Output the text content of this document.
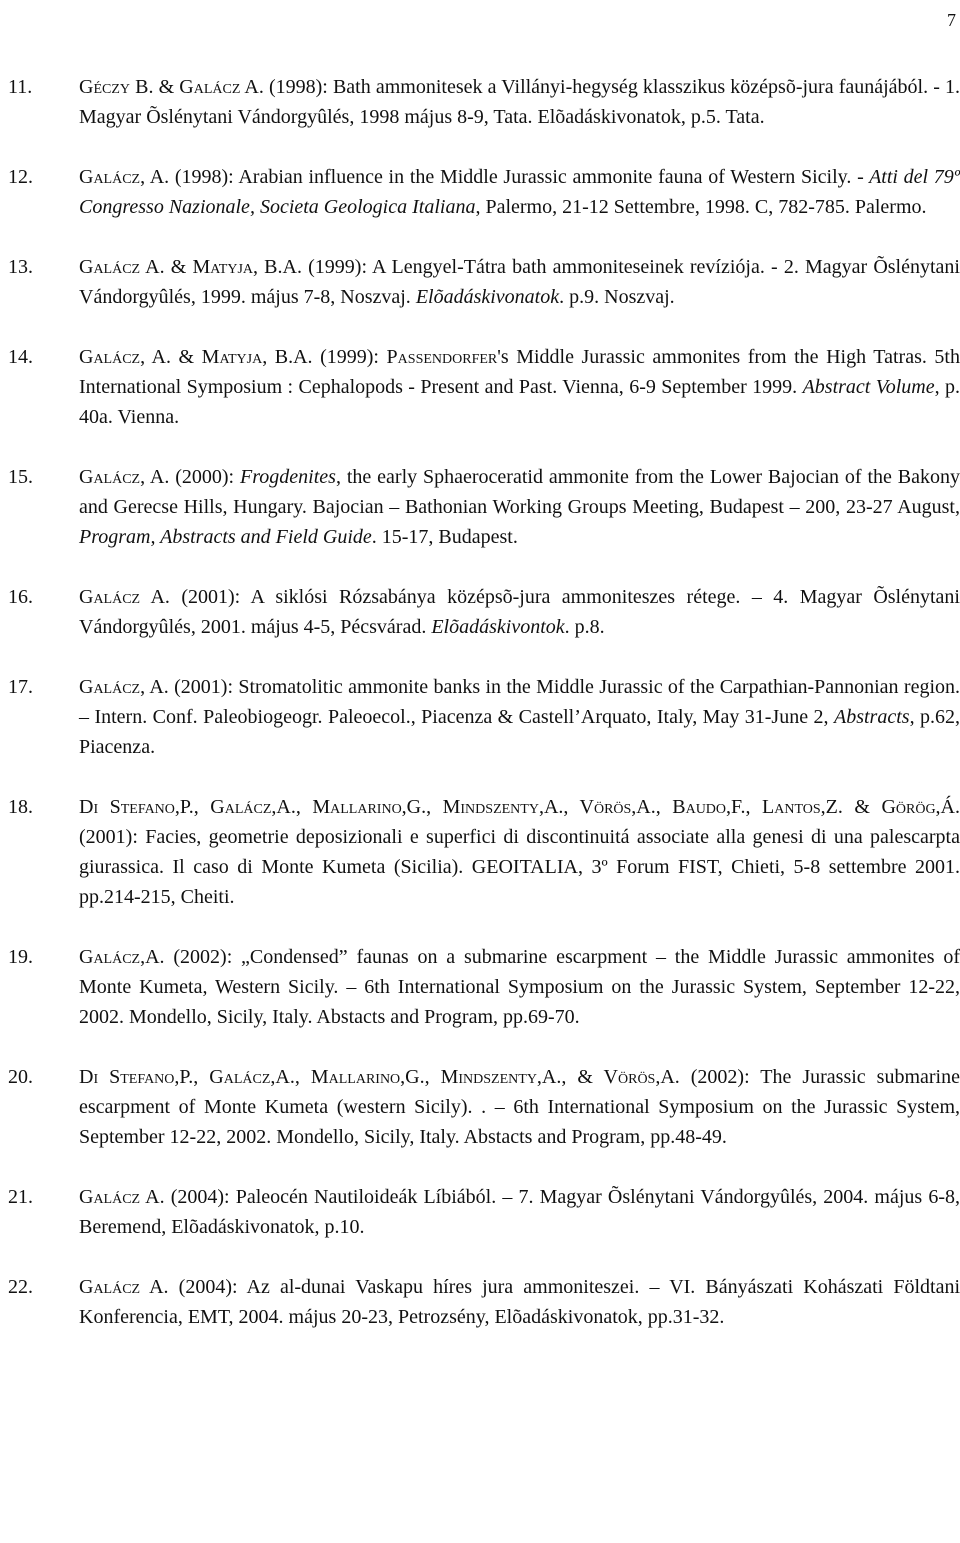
7
11. Géczy B. & Galácz A. (1998): Bath ammonitesek a Villányi-hegység klasszikus középsõ-jura faunájából. - 1. Magyar Õslénytani Vándorgyûlés, 1998 május 8-9, Tata. Elõadáskivonatok, p.5. Tata.
12. Galácz, A. (1998): Arabian influence in the Middle Jurassic ammonite fauna of Western Sicily. - Atti del 79º Congresso Nazionale, Societa Geologica Italiana, Palermo, 21-12 Settembre, 1998. C, 782-785. Palermo.
13. Galácz A. & Matyja, B.A. (1999): A Lengyel-Tátra bath ammoniteseinek revíziója. - 2. Magyar Õslénytani Vándorgyûlés, 1999. május 7-8, Noszvaj. Elõadáskivonatok. p.9. Noszvaj.
14. Galácz, A. & Matyja, B.A. (1999): Passendorfer's Middle Jurassic ammonites from the High Tatras. 5th International Symposium : Cephalopods - Present and Past. Vienna, 6-9 September 1999. Abstract Volume, p. 40a. Vienna.
15. Galácz, A. (2000): Frogdenites, the early Sphaeroceratid ammonite from the Lower Bajocian of the Bakony and Gerecse Hills, Hungary. Bajocian – Bathonian Working Groups Meeting, Budapest – 200, 23-27 August, Program, Abstracts and Field Guide. 15-17, Budapest.
16. Galácz A. (2001): A siklósi Rózsabánya középsõ-jura ammoniteszes rétege. – 4. Magyar Õslénytani Vándorgyûlés, 2001. május 4-5, Pécsvárad. Elõadáskivontok. p.8.
17. Galácz, A. (2001): Stromatolitic ammonite banks in the Middle Jurassic of the Carpathian-Pannonian region. – Intern. Conf. Paleobiogeogr. Paleoecol., Piacenza & Castell’Arquato, Italy, May 31-June 2, Abstracts, p.62, Piacenza.
18. Di Stefano,P., Galácz,A., Mallarino,G., Mindszenty,A., Vörös,A., Baudo,F., Lantos,Z. & Görög,Á. (2001): Facies, geometrie deposizionali e superfici di discontinuitá associate alla genesi di una palescarpta giurassica. Il caso di Monte Kumeta (Sicilia). GEOITALIA, 3º Forum FIST, Chieti, 5-8 settembre 2001. pp.214-215, Cheiti.
19. Galácz,A. (2002): „Condensed” faunas on a submarine escarpment – the Middle Jurassic ammonites of Monte Kumeta, Western Sicily. – 6th International Symposium on the Jurassic System, September 12-22, 2002. Mondello, Sicily, Italy. Abstacts and Program, pp.69-70.
20. Di Stefano,P., Galácz,A., Mallarino,G., Mindszenty,A., & Vörös,A. (2002): The Jurassic submarine escarpment of Monte Kumeta (western Sicily). . – 6th International Symposium on the Jurassic System, September 12-22, 2002. Mondello, Sicily, Italy. Abstacts and Program, pp.48-49.
21. Galácz A. (2004): Paleocén Nautiloideák Líbiából. – 7. Magyar Õslénytani Vándorgyûlés, 2004. május 6-8, Beremend, Elõadáskivonatok, p.10.
22. Galácz A. (2004): Az al-dunai Vaskapu híres jura ammoniteszei. – VI. Bányászati Kohászati Földtani Konferencia, EMT, 2004. május 20-23, Petrozsény, Elõadáskivonatok, pp.31-32.
